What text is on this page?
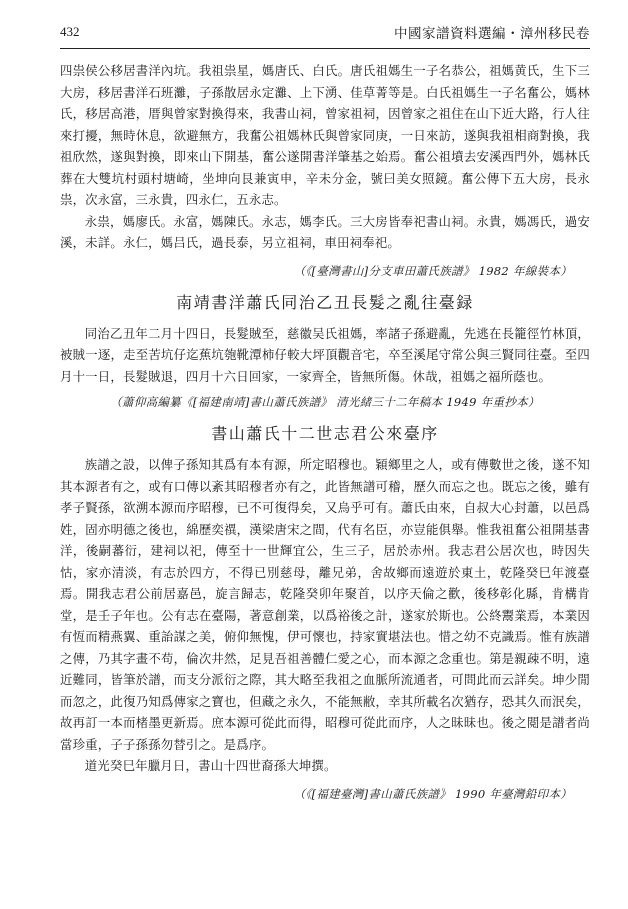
432	中國家譜資料選編・漳州移民卷

四祟侯公移居書洋內坑。我祖祟星，媽唐氏、白氏。唐氏祖媽生一子名恭公，祖媽黄氏，生下三大房，移居書洋石班灘，子孫散居永定灘、上下湧、佳草菁等是。白氏祖媽生一子名奮公，媽林氏，移居高港，厝與曾家對換得來，我書山祠，曾家祖祠，因曾家之祖住在山下近大路，行人往來打擾，無時休息，欲避無方，我奮公祖媽林氏與曾家同庚，一日來訪，遂與我祖相商對換，我祖欣然，遂與對換，即來山下開基，奮公遂開書洋肇基之始焉。奮公祖墳去安溪西門外，媽林氏葬在大雙坑村頭村塘崎，坐坤向艮兼寅申，辛未分金，號曰美女照鏡。奮公傳下五大房，長永祟，次永富，三永貴，四永仁，五永志。

永祟，媽廖氏。永富，媽陳氏。永志，媽李氏。三大房皆奉祀書山祠。永貴，媽馮氏，過安溪，未詳。永仁，媽吕氏，過長泰，另立祖祠，車田祠奉祀。

（《[臺灣書山]分支車田蕭氏族譜》 1982 年線裝本）

南靖書洋蕭氏同治乙丑長髮之亂往臺録

同治乙丑年二月十四日，長髮賊至，慈徽吴氏祖媽，率諸子孫避亂，先逃在長籠徑竹林頂，被賊一逐，走至苦坑仔迄蕉坑匏靴潭柿仔較大坪頂觀音宅，卒至溪尾守常公與三賢同往臺。至四月十一日，長髮賊退，四月十六日回家，一家齊全，皆無所傷。休哉，祖媽之福所蔭也。

（蕭仰高編纂《[福建南靖]書山蕭氏族譜》 清光緒三十二年稿本 1949 年重抄本）

書山蕭氏十二世志君公來臺序

族譜之設，以俾子孫知其爲有本有源，所定昭穆也。穎鄉里之人，或有傳數世之後，遂不知其本源者有之，或有口傳以紊其昭穆者亦有之，此皆無譜可稽，歷久而忘之也。既忘之後，雖有孝子賢孫，欲溯本源而序昭穆，已不可復得矣，又烏乎可有。蕭氏由來，自叔大心封蕭，以邑爲姓，固亦明德之後也，綿歷奕禩，漢梁唐宋之間，代有名臣，亦豈能俱舉。惟我祖奮公祖開基書洋，後嗣蕃衍，建祠以祀，傳至十一世輝宜公，生三子，居於赤州。我志君公居次也，時因失怙，家亦清淡，有志於四方，不得已別慈母，離兄弟，舍故鄉而遠遊於東土，乾隆癸巳年渡臺焉。開我志君公前居嘉邑，旋言歸志，乾隆癸卯年聚首，以序天倫之歡，後移彰化縣，肯構肯堂，是壬子年也。公有志在臺陽，著意創業，以爲裕後之計，遂家於斯也。公終鬻業焉，本業因有恆而精燕翼、重詒謀之美，俯仰無愧，伊可懷也，持家實堪法也。惜之幼不克識焉。惟有族譜之傳，乃其字畫不苟，倫次井然，足見吾祖善體仁愛之心，而本源之念重也。第是親疎不明，遠近難同，皆筆於譜，而支分派衍之際，其大略至我祖之血脈所流通者，可問此而云詳矣。坤少閒而忽之，此復乃知爲傳家之寶也，但藏之永久，不能無敝，幸其所載名次猶存，恐其久而泯矣，故再訂一本而楮墨更新焉。庶本源可從此而得，昭穆可從此而序，人之昧昧也。後之閲是譜者尚當珍重，子子孫孫勿替引之。是爲序。

道光癸巳年臘月日，書山十四世裔孫大坤撰。

（《[福建臺灣]書山蕭氏族譜》 1990 年臺灣鉛印本）
